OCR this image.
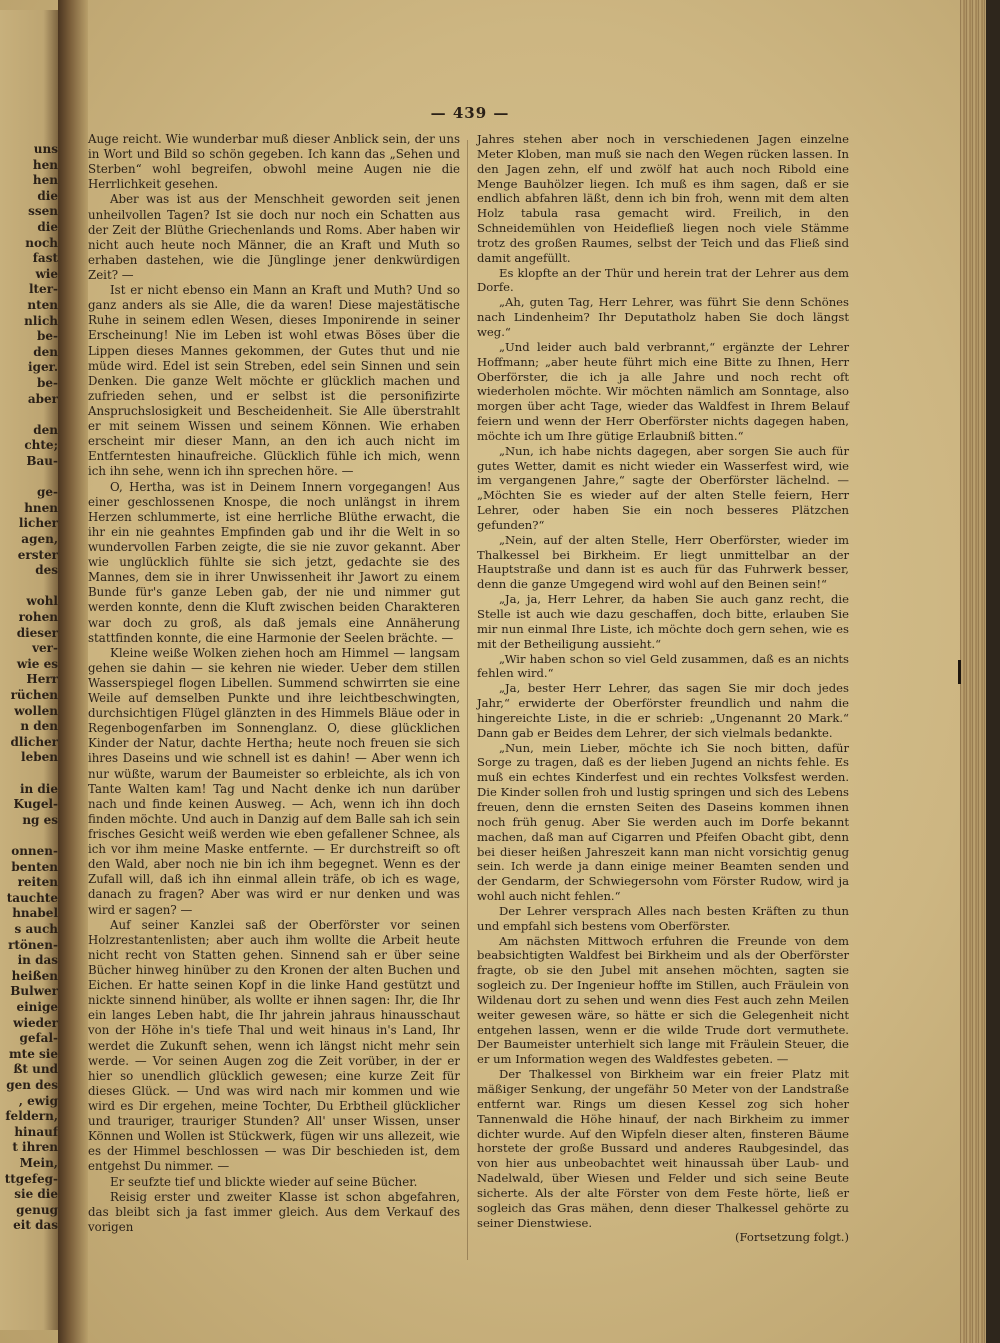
uns
hen
hen
die
ssen
die
noch
fast
wie
lter-
nten
nlich
be-
den
iger.
be-
aber
den
chte;
Bau-
ge-
hnen
licher
agen,
erster
des
wohl
rohen
dieser
ver-
wie es
Herr
rüchen
wollen
n den
dlicher
leben
in die
Kugel-
ng es
onnen-
benten
reiten
tauchte
hnabel
s auch
rtönen-
in das
heißen
Bulwer
einige
wieder
gefal-
mte sie
ßt und
gen des
, ewig
feldern,
hinauf
t ihren
Mein,
ttgefeg-
sie die
genug
eit das
— 439 —

Auge reicht. Wie wunderbar muß dieser Anblick sein, der uns in Wort und Bild so schön gegeben. Ich kann das „Sehen und Sterben“ wohl begreifen, obwohl meine Augen nie die Herrlichkeit gesehen.

Aber was ist aus der Menschheit geworden seit jenen unheilvollen Tagen? Ist sie doch nur noch ein Schatten aus der Zeit der Blüthe Griechenlands und Roms. Aber haben wir nicht auch heute noch Männer, die an Kraft und Muth so erhaben dastehen, wie die Jünglinge jener denkwürdigen Zeit? —

Ist er nicht ebenso ein Mann an Kraft und Muth? Und so ganz anders als sie Alle, die da waren! Diese majestätische Ruhe in seinem edlen Wesen, dieses Imponirende in seiner Erscheinung! Nie im Leben ist wohl etwas Böses über die Lippen dieses Mannes gekommen, der Gutes thut und nie müde wird. Edel ist sein Streben, edel sein Sinnen und sein Denken. Die ganze Welt möchte er glücklich machen und zufrieden sehen, und er selbst ist die personifizirte Anspruchslosigkeit und Bescheidenheit. Sie Alle überstrahlt er mit seinem Wissen und seinem Können. Wie erhaben erscheint mir dieser Mann, an den ich auch nicht im Entferntesten hinaufreiche. Glücklich fühle ich mich, wenn ich ihn sehe, wenn ich ihn sprechen höre. —

O, Hertha, was ist in Deinem Innern vorgegangen! Aus einer geschlossenen Knospe, die noch unlängst in ihrem Herzen schlummerte, ist eine herrliche Blüthe erwacht, die ihr ein nie geahntes Empfinden gab und ihr die Welt in so wundervollen Farben zeigte, die sie nie zuvor gekannt. Aber wie unglücklich fühlte sie sich jetzt, gedachte sie des Mannes, dem sie in ihrer Unwissenheit ihr Jawort zu einem Bunde für's ganze Leben gab, der nie und nimmer gut werden konnte, denn die Kluft zwischen beiden Charakteren war doch zu groß, als daß jemals eine Annäherung stattfinden konnte, die eine Harmonie der Seelen brächte. —

Kleine weiße Wolken ziehen hoch am Himmel — langsam gehen sie dahin — sie kehren nie wieder. Ueber dem stillen Wasserspiegel flogen Libellen. Summend schwirrten sie eine Weile auf demselben Punkte und ihre leichtbeschwingten, durchsichtigen Flügel glänzten in des Himmels Bläue oder in Regenbogenfarben im Sonnenglanz. O, diese glücklichen Kinder der Natur, dachte Hertha; heute noch freuen sie sich ihres Daseins und wie schnell ist es dahin! — Aber wenn ich nur wüßte, warum der Baumeister so erbleichte, als ich von Tante Walten kam! Tag und Nacht denke ich nun darüber nach und finde keinen Ausweg. — Ach, wenn ich ihn doch finden möchte. Und auch in Danzig auf dem Balle sah ich sein frisches Gesicht weiß werden wie eben gefallener Schnee, als ich vor ihm meine Maske entfernte. — Er durchstreift so oft den Wald, aber noch nie bin ich ihm begegnet. Wenn es der Zufall will, daß ich ihn einmal allein träfe, ob ich es wage, danach zu fragen? Aber was wird er nur denken und was wird er sagen? —

Auf seiner Kanzlei saß der Oberförster vor seinen Holzrestantenlisten; aber auch ihm wollte die Arbeit heute nicht recht von Statten gehen. Sinnend sah er über seine Bücher hinweg hinüber zu den Kronen der alten Buchen und Eichen. Er hatte seinen Kopf in die linke Hand gestützt und nickte sinnend hinüber, als wollte er ihnen sagen: Ihr, die Ihr ein langes Leben habt, die Ihr jahrein jahraus hinausschaut von der Höhe in's tiefe Thal und weit hinaus in's Land, Ihr werdet die Zukunft sehen, wenn ich längst nicht mehr sein werde. — Vor seinen Augen zog die Zeit vorüber, in der er hier so unendlich glücklich gewesen; eine kurze Zeit für dieses Glück. — Und was wird nach mir kommen und wie wird es Dir ergehen, meine Tochter, Du Erbtheil glücklicher und trauriger, trauriger Stunden? All' unser Wissen, unser Können und Wollen ist Stückwerk, fügen wir uns allezeit, wie es der Himmel beschlossen — was Dir beschieden ist, dem entgehst Du nimmer. —

Er seufzte tief und blickte wieder auf seine Bücher.

Reisig erster und zweiter Klasse ist schon abgefahren, das bleibt sich ja fast immer gleich. Aus dem Verkauf des vorigen

Jahres stehen aber noch in verschiedenen Jagen einzelne Meter Kloben, man muß sie nach den Wegen rücken lassen. In den Jagen zehn, elf und zwölf hat auch noch Ribold eine Menge Bauhölzer liegen. Ich muß es ihm sagen, daß er sie endlich abfahren läßt, denn ich bin froh, wenn mit dem alten Holz tabula rasa gemacht wird. Freilich, in den Schneidemühlen von Heidefließ liegen noch viele Stämme trotz des großen Raumes, selbst der Teich und das Fließ sind damit angefüllt.

Es klopfte an der Thür und herein trat der Lehrer aus dem Dorfe.

„Ah, guten Tag, Herr Lehrer, was führt Sie denn Schönes nach Lindenheim? Ihr Deputatholz haben Sie doch längst weg.“

„Und leider auch bald verbrannt,“ ergänzte der Lehrer Hoffmann; „aber heute führt mich eine Bitte zu Ihnen, Herr Oberförster, die ich ja alle Jahre und noch recht oft wiederholen möchte. Wir möchten nämlich am Sonntage, also morgen über acht Tage, wieder das Waldfest in Ihrem Belauf feiern und wenn der Herr Oberförster nichts dagegen haben, möchte ich um Ihre gütige Erlaubniß bitten.“

„Nun, ich habe nichts dagegen, aber sorgen Sie auch für gutes Wetter, damit es nicht wieder ein Wasserfest wird, wie im vergangenen Jahre,“ sagte der Oberförster lächelnd. — „Möchten Sie es wieder auf der alten Stelle feiern, Herr Lehrer, oder haben Sie ein noch besseres Plätzchen gefunden?“

„Nein, auf der alten Stelle, Herr Oberförster, wieder im Thalkessel bei Birkheim. Er liegt unmittelbar an der Hauptstraße und dann ist es auch für das Fuhrwerk besser, denn die ganze Umgegend wird wohl auf den Beinen sein!“

„Ja, ja, Herr Lehrer, da haben Sie auch ganz recht, die Stelle ist auch wie dazu geschaffen, doch bitte, erlauben Sie mir nun einmal Ihre Liste, ich möchte doch gern sehen, wie es mit der Betheiligung aussieht.“

„Wir haben schon so viel Geld zusammen, daß es an nichts fehlen wird.“

„Ja, bester Herr Lehrer, das sagen Sie mir doch jedes Jahr,“ erwiderte der Oberförster freundlich und nahm die hingereichte Liste, in die er schrieb: „Ungenannt 20 Mark.“ Dann gab er Beides dem Lehrer, der sich vielmals bedankte.

„Nun, mein Lieber, möchte ich Sie noch bitten, dafür Sorge zu tragen, daß es der lieben Jugend an nichts fehle. Es muß ein echtes Kinderfest und ein rechtes Volksfest werden. Die Kinder sollen froh und lustig springen und sich des Lebens freuen, denn die ernsten Seiten des Daseins kommen ihnen noch früh genug. Aber Sie werden auch im Dorfe bekannt machen, daß man auf Cigarren und Pfeifen Obacht gibt, denn bei dieser heißen Jahreszeit kann man nicht vorsichtig genug sein. Ich werde ja dann einige meiner Beamten senden und der Gendarm, der Schwiegersohn vom Förster Rudow, wird ja wohl auch nicht fehlen.“

Der Lehrer versprach Alles nach besten Kräften zu thun und empfahl sich bestens vom Oberförster.

Am nächsten Mittwoch erfuhren die Freunde von dem beabsichtigten Waldfest bei Birkheim und als der Oberförster fragte, ob sie den Jubel mit ansehen möchten, sagten sie sogleich zu. Der Ingenieur hoffte im Stillen, auch Fräulein von Wildenau dort zu sehen und wenn dies Fest auch zehn Meilen weiter gewesen wäre, so hätte er sich die Gelegenheit nicht entgehen lassen, wenn er die wilde Trude dort vermuthete. Der Baumeister unterhielt sich lange mit Fräulein Steuer, die er um Information wegen des Waldfestes gebeten. —

Der Thalkessel von Birkheim war ein freier Platz mit mäßiger Senkung, der ungefähr 50 Meter von der Landstraße entfernt war. Rings um diesen Kessel zog sich hoher Tannenwald die Höhe hinauf, der nach Birkheim zu immer dichter wurde. Auf den Wipfeln dieser alten, finsteren Bäume horstete der große Bussard und anderes Raubgesindel, das von hier aus unbeobachtet weit hinaussah über Laub- und Nadelwald, über Wiesen und Felder und sich seine Beute sicherte. Als der alte Förster von dem Feste hörte, ließ er sogleich das Gras mähen, denn dieser Thalkessel gehörte zu seiner Dienstwiese.

(Fortsetzung folgt.)
